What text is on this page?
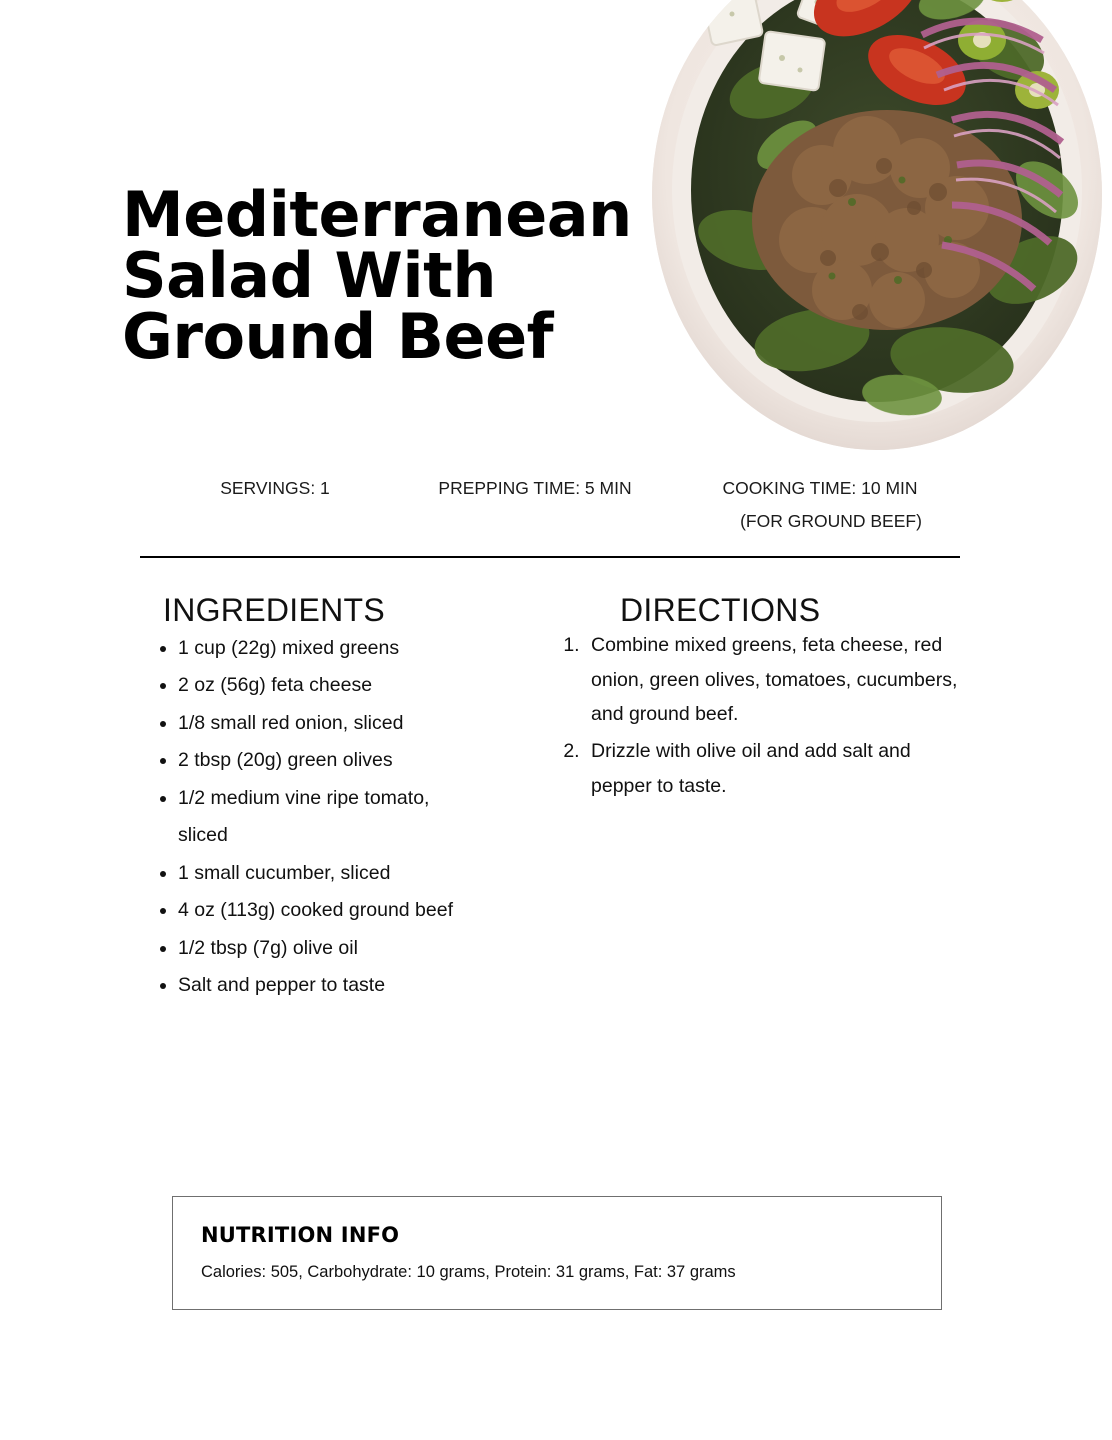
Mediterranean
Salad With
Ground Beef
SERVINGS: 1	PREPPING TIME: 5 MIN	COOKING TIME: 10 MIN
(FOR GROUND BEEF)
INGREDIENTS	DIRECTIONS
• 1 cup (22g) mixed greens
• 2 oz (56g) feta cheese
• 1/8 small red onion, sliced
• 2 tbsp (20g) green olives
• 1/2 medium vine ripe tomato, sliced
• 1 small cucumber, sliced
• 4 oz (113g) cooked ground beef
• 1/2 tbsp (7g) olive oil
• Salt and pepper to taste
1. Combine mixed greens, feta cheese, red onion, green olives, tomatoes, cucumbers, and ground beef.
2. Drizzle with olive oil and add salt and pepper to taste.
NUTRITION INFO

Calories: 505, Carbohydrate: 10 grams, Protein: 31 grams, Fat: 37 grams
